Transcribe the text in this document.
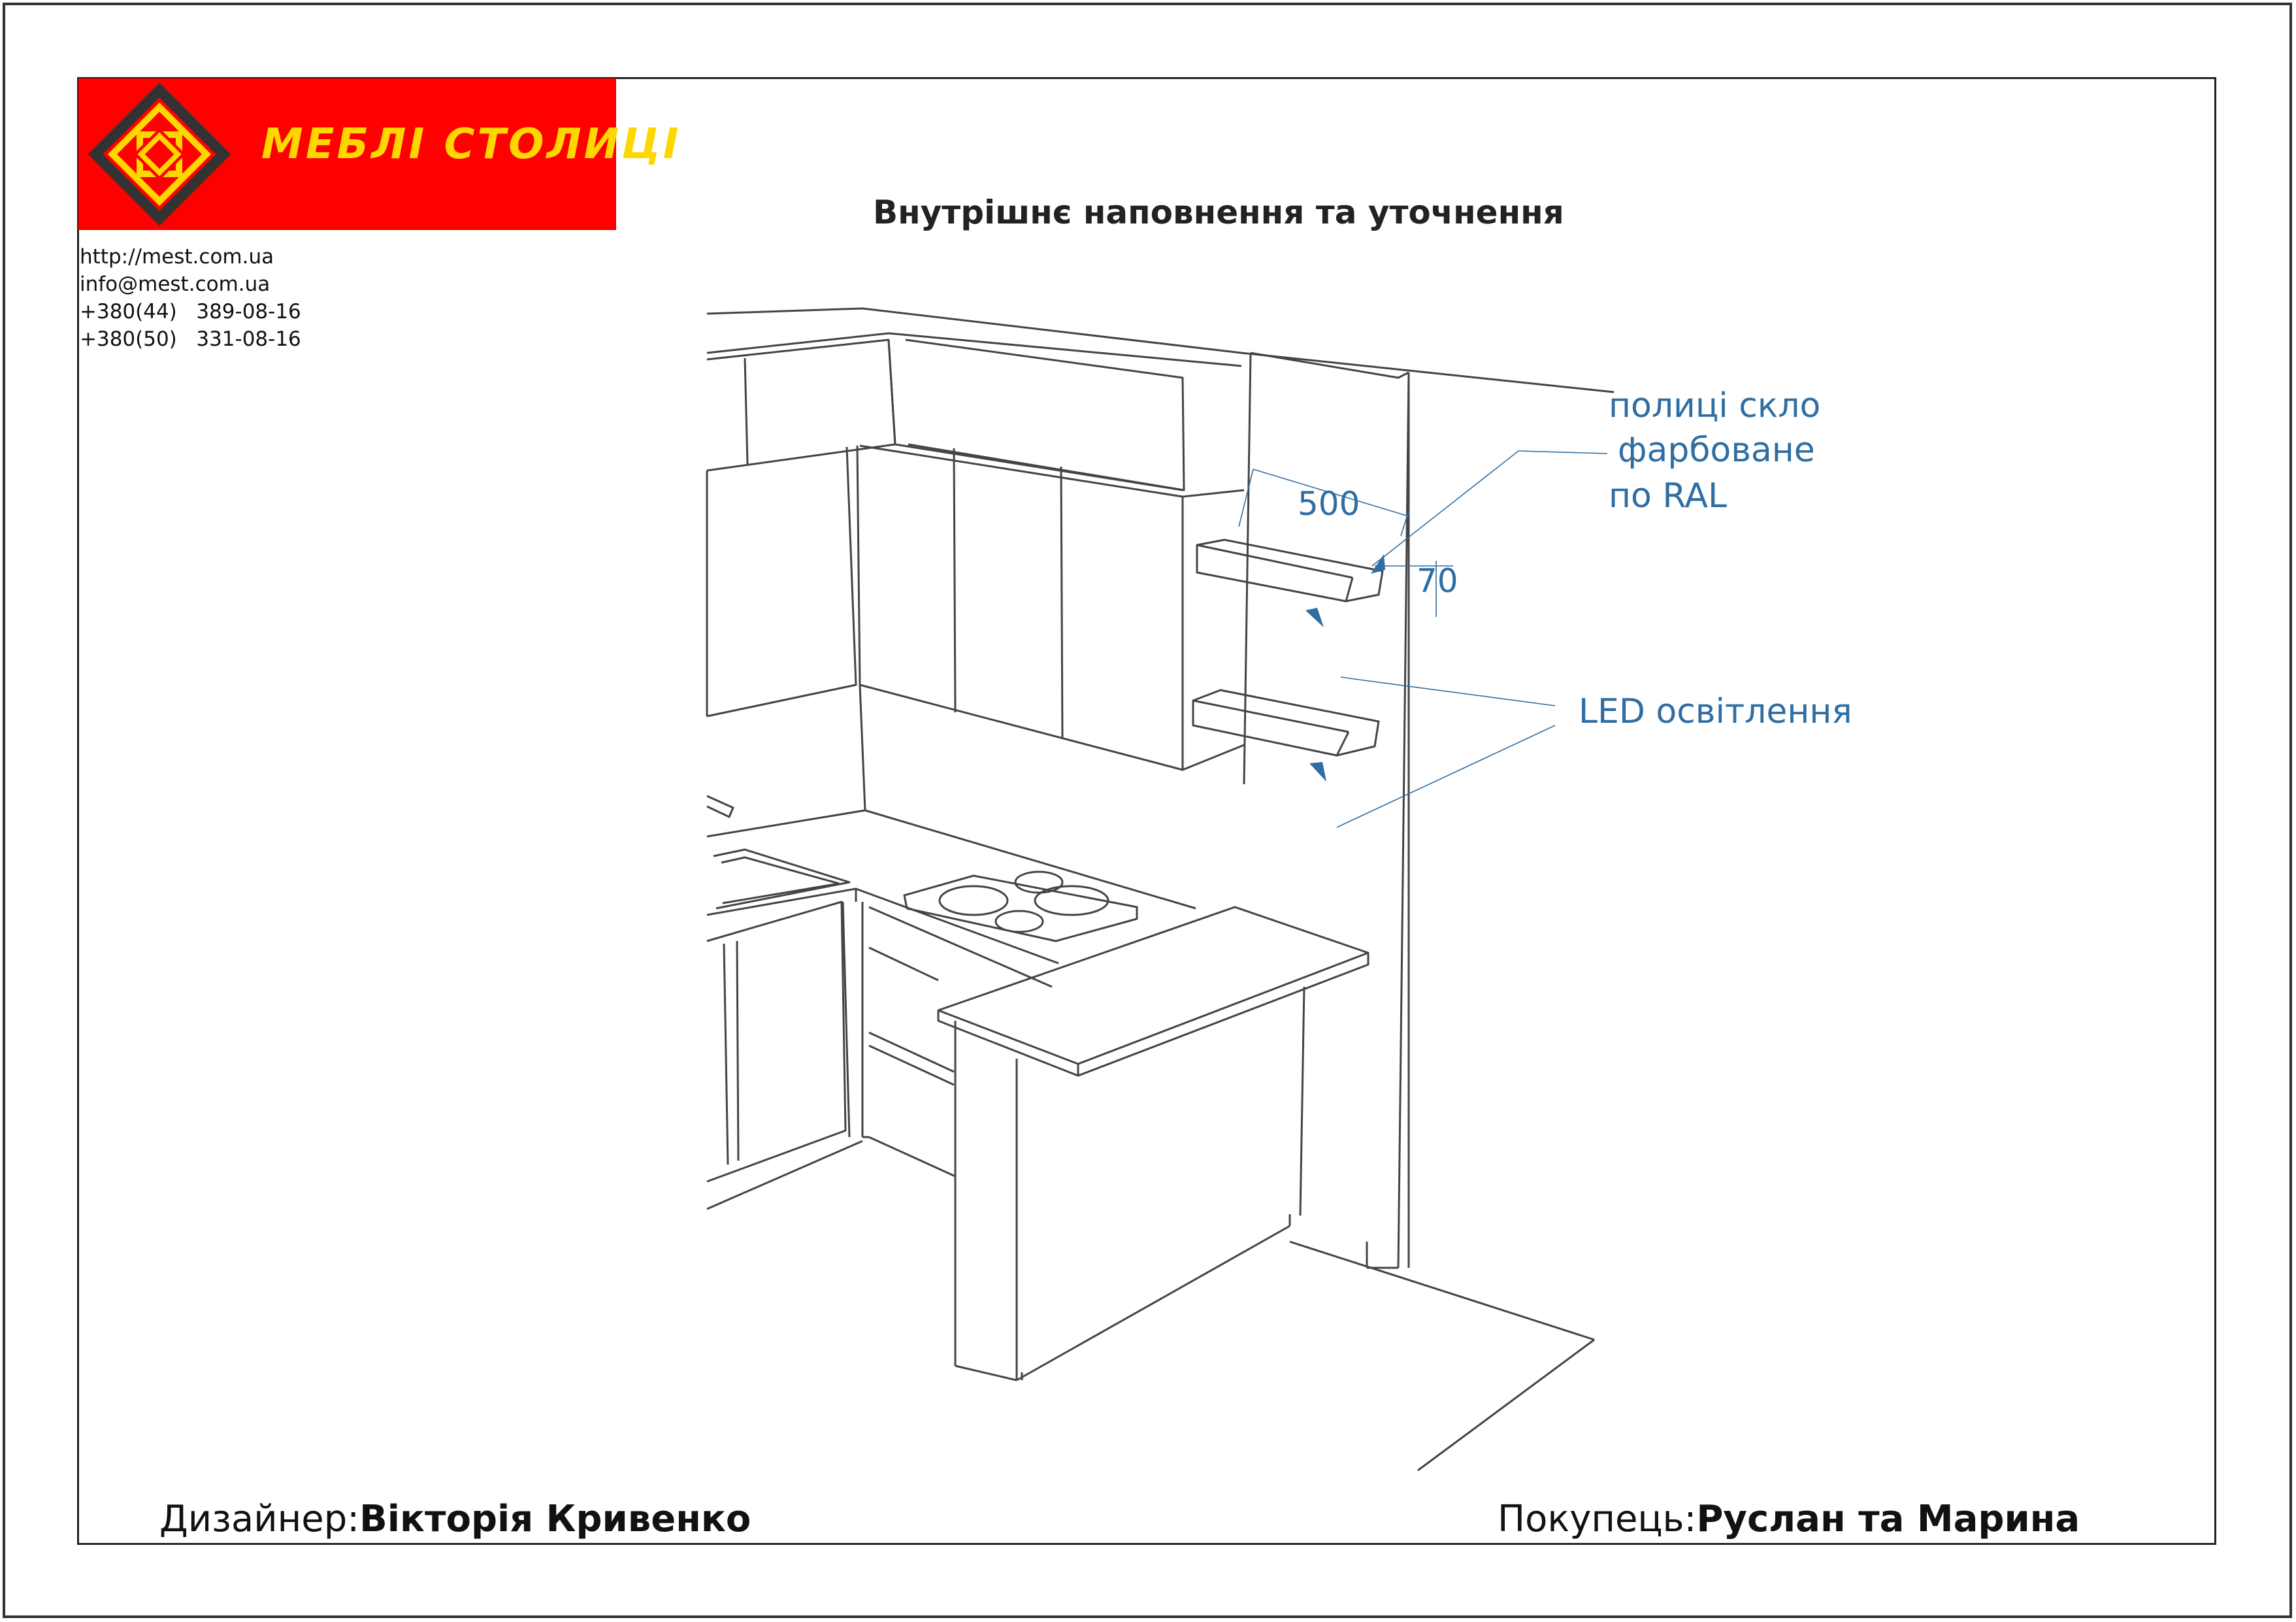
МЕБЛІ СТОЛИЦІ
http://mest.com.ua
info@mest.com.ua
+380(44)   389-08-16
+380(50)   331-08-16
Внутрішнє наповнення та уточнення
полиці скло
фарбоване
по RAL
500
70
LED освітлення
Дизайнер:Вікторія Кривенко	Покупець:Руслан та Марина
